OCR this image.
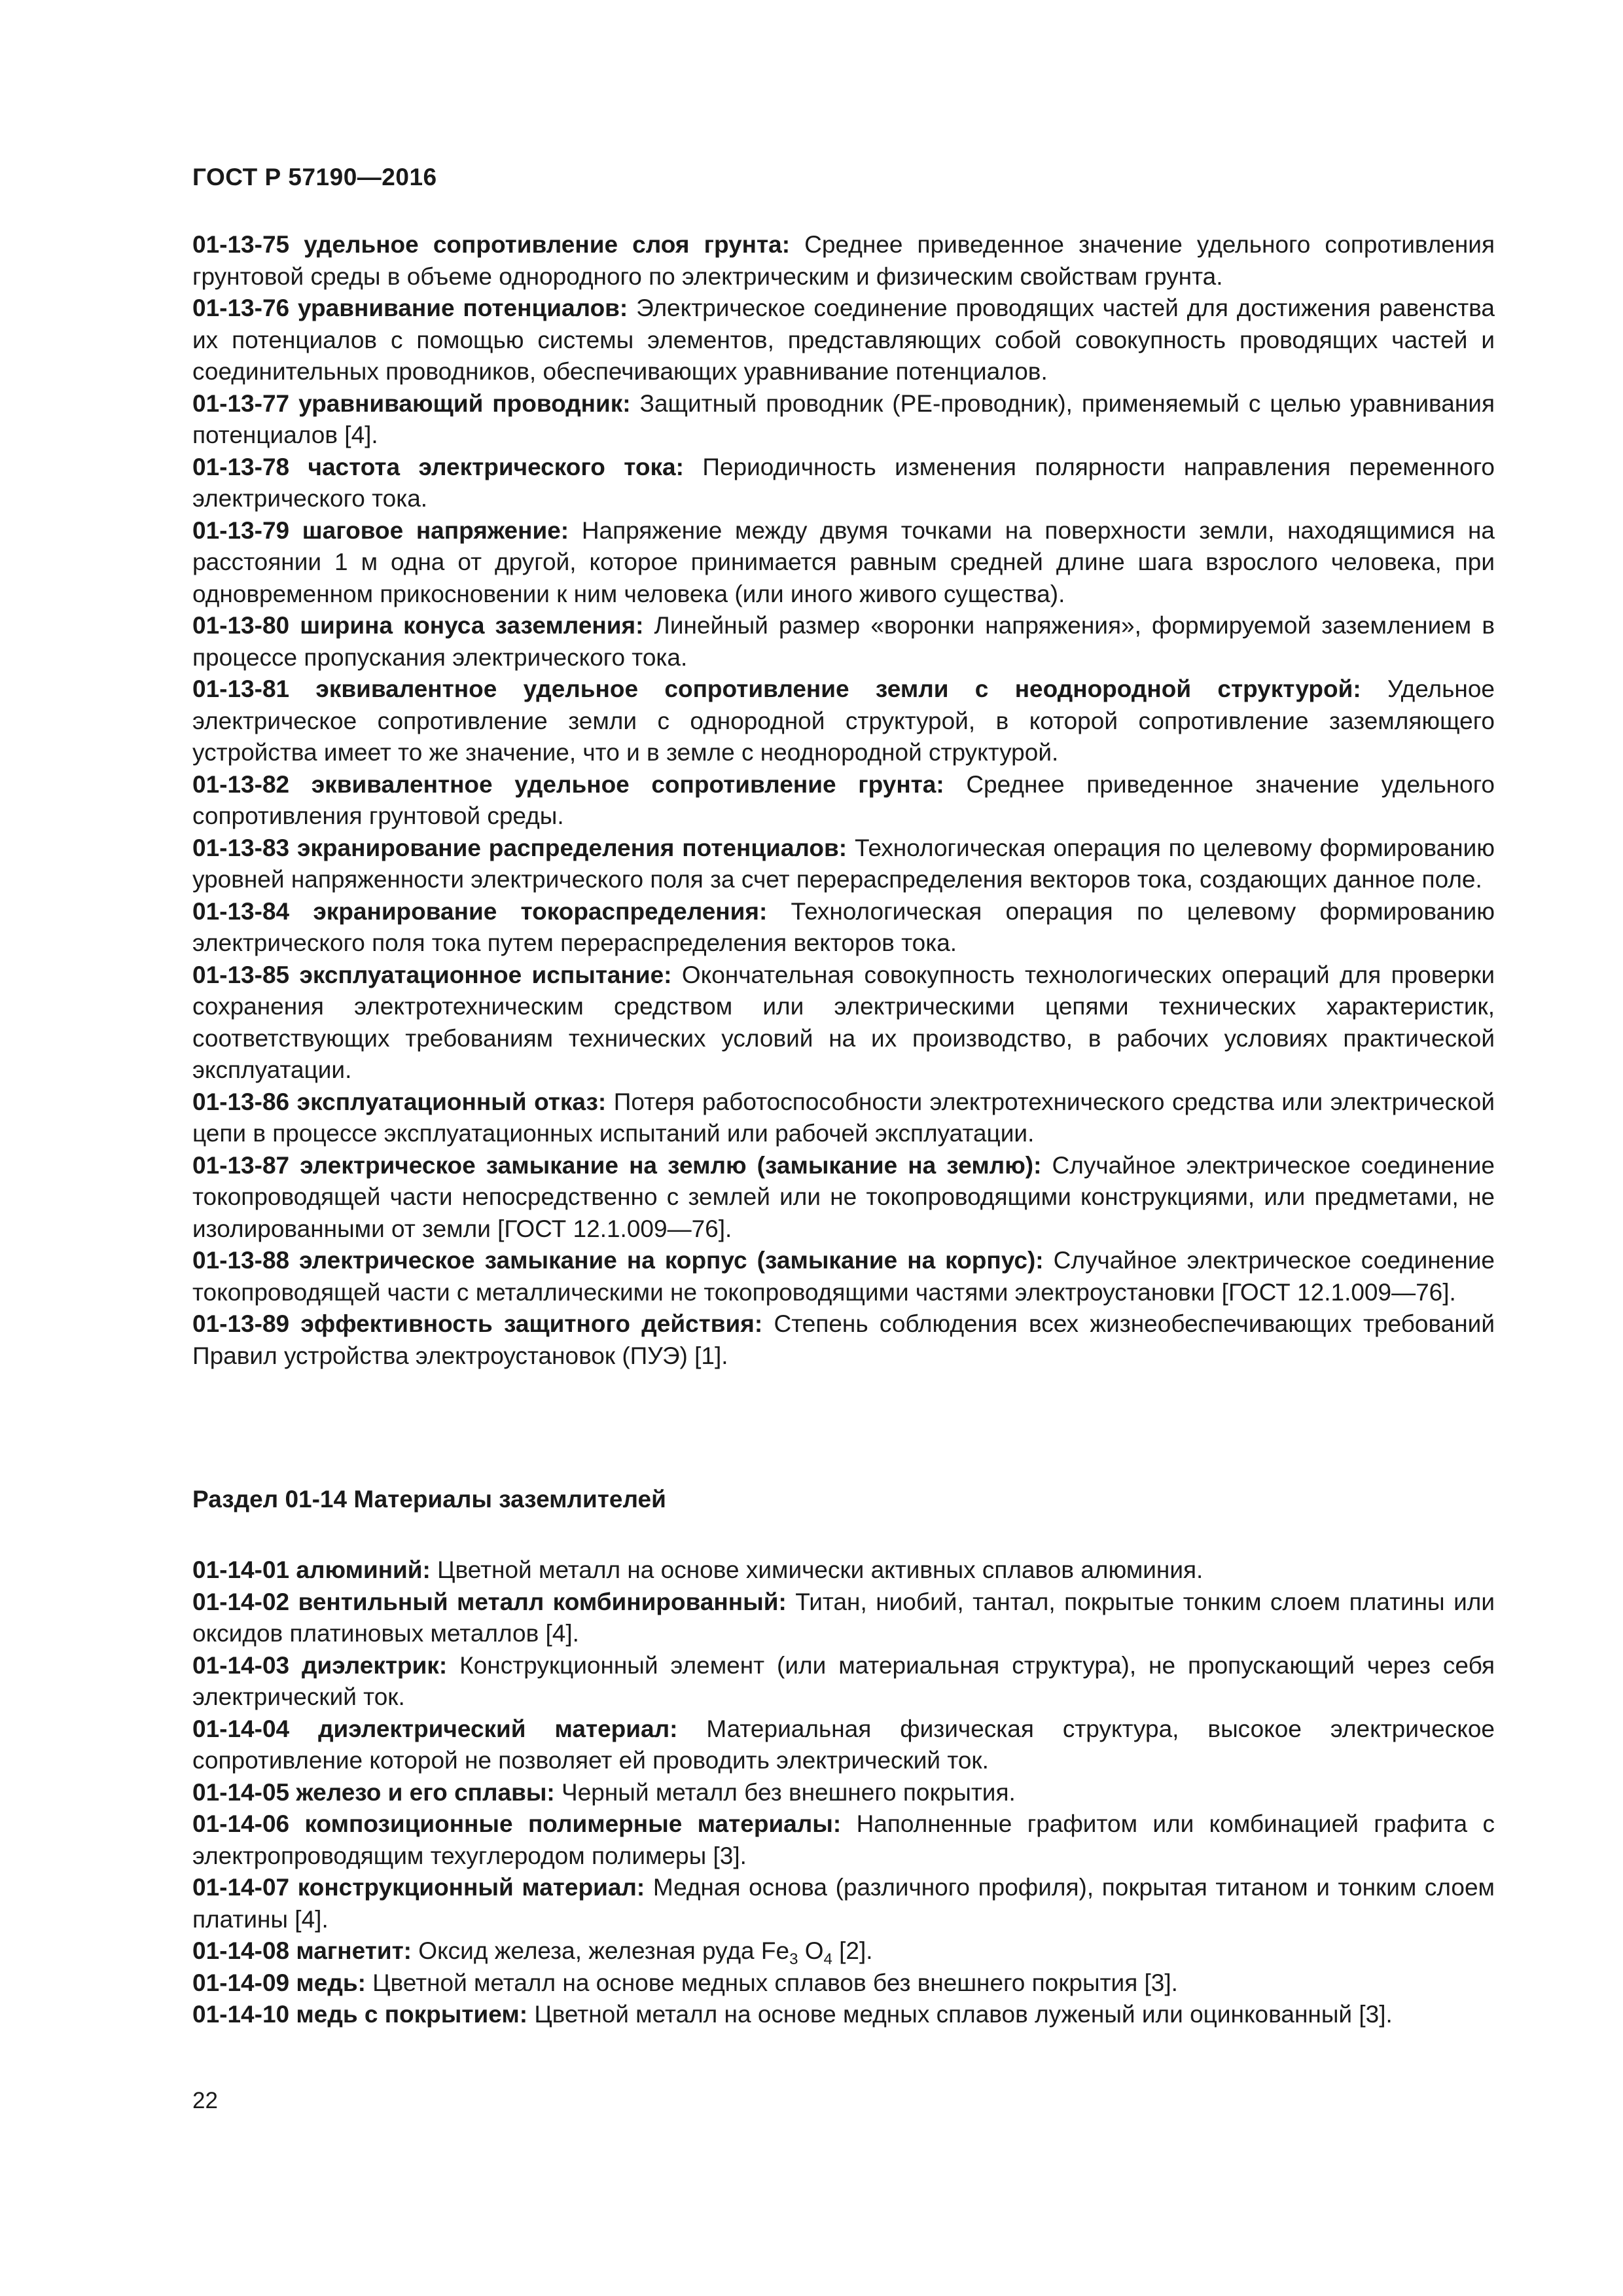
ГОСТ Р 57190—2016

01-13-75 удельное сопротивление слоя грунта: Среднее приведенное значение удельного сопротивления грунтовой среды в объеме однородного по электрическим и физическим свойствам грунта.

01-13-76 уравнивание потенциалов: Электрическое соединение проводящих частей для достижения равенства их потенциалов с помощью системы элементов, представляющих собой совокупность проводящих частей и соединительных проводников, обеспечивающих уравнивание потенциалов.

01-13-77 уравнивающий проводник: Защитный проводник (PE-проводник), применяемый с целью уравнивания потенциалов [4].

01-13-78 частота электрического тока: Периодичность изменения полярности направления переменного электрического тока.

01-13-79 шаговое напряжение: Напряжение между двумя точками на поверхности земли, находящимися на расстоянии 1 м одна от другой, которое принимается равным средней длине шага взрослого человека, при одновременном прикосновении к ним человека (или иного живого существа).

01-13-80 ширина конуса заземления: Линейный размер «воронки напряжения», формируемой заземлением в процессе пропускания электрического тока.

01-13-81 эквивалентное удельное сопротивление земли с неоднородной структурой: Удельное электрическое сопротивление земли с однородной структурой, в которой сопротивление заземляющего устройства имеет то же значение, что и в земле с неоднородной структурой.

01-13-82 эквивалентное удельное сопротивление грунта: Среднее приведенное значение удельного сопротивления грунтовой среды.

01-13-83 экранирование распределения потенциалов: Технологическая операция по целевому формированию уровней напряженности электрического поля за счет перераспределения векторов тока, создающих данное поле.

01-13-84 экранирование токораспределения: Технологическая операция по целевому формированию электрического поля тока путем перераспределения векторов тока.

01-13-85 эксплуатационное испытание: Окончательная совокупность технологических операций для проверки сохранения электротехническим средством или электрическими цепями технических характеристик, соответствующих требованиям технических условий на их производство, в рабочих условиях практической эксплуатации.

01-13-86 эксплуатационный отказ: Потеря работоспособности электротехнического средства или электрической цепи в процессе эксплуатационных испытаний или рабочей эксплуатации.

01-13-87 электрическое замыкание на землю (замыкание на землю): Случайное электрическое соединение токопроводящей части непосредственно с землей или не токопроводящими конструкциями, или предметами, не изолированными от земли [ГОСТ 12.1.009—76].

01-13-88 электрическое замыкание на корпус (замыкание на корпус): Случайное электрическое соединение токопроводящей части с металлическими не токопроводящими частями электроустановки [ГОСТ 12.1.009—76].

01-13-89 эффективность защитного действия: Степень соблюдения всех жизнеобеспечивающих требований Правил устройства электроустановок (ПУЭ) [1].

Раздел 01-14 Материалы заземлителей

01-14-01 алюминий: Цветной металл на основе химически активных сплавов алюминия.

01-14-02 вентильный металл комбинированный: Титан, ниобий, тантал, покрытые тонким слоем платины или оксидов платиновых металлов [4].

01-14-03 диэлектрик: Конструкционный элемент (или материальная структура), не пропускающий через себя электрический ток.

01-14-04 диэлектрический материал: Материальная физическая структура, высокое электрическое сопротивление которой не позволяет ей проводить электрический ток.

01-14-05 железо и его сплавы: Черный металл без внешнего покрытия.

01-14-06 композиционные полимерные материалы: Наполненные графитом или комбинацией графита с электропроводящим техуглеродом полимеры [3].

01-14-07 конструкционный материал: Медная основа (различного профиля), покрытая титаном и тонким слоем платины [4].

01-14-08 магнетит: Оксид железа, железная руда $Fe_3$ $O_4$ [2].

01-14-09 медь: Цветной металл на основе медных сплавов без внешнего покрытия [3].

01-14-10 медь с покрытием: Цветной металл на основе медных сплавов луженый или оцинкованный [3].

22
